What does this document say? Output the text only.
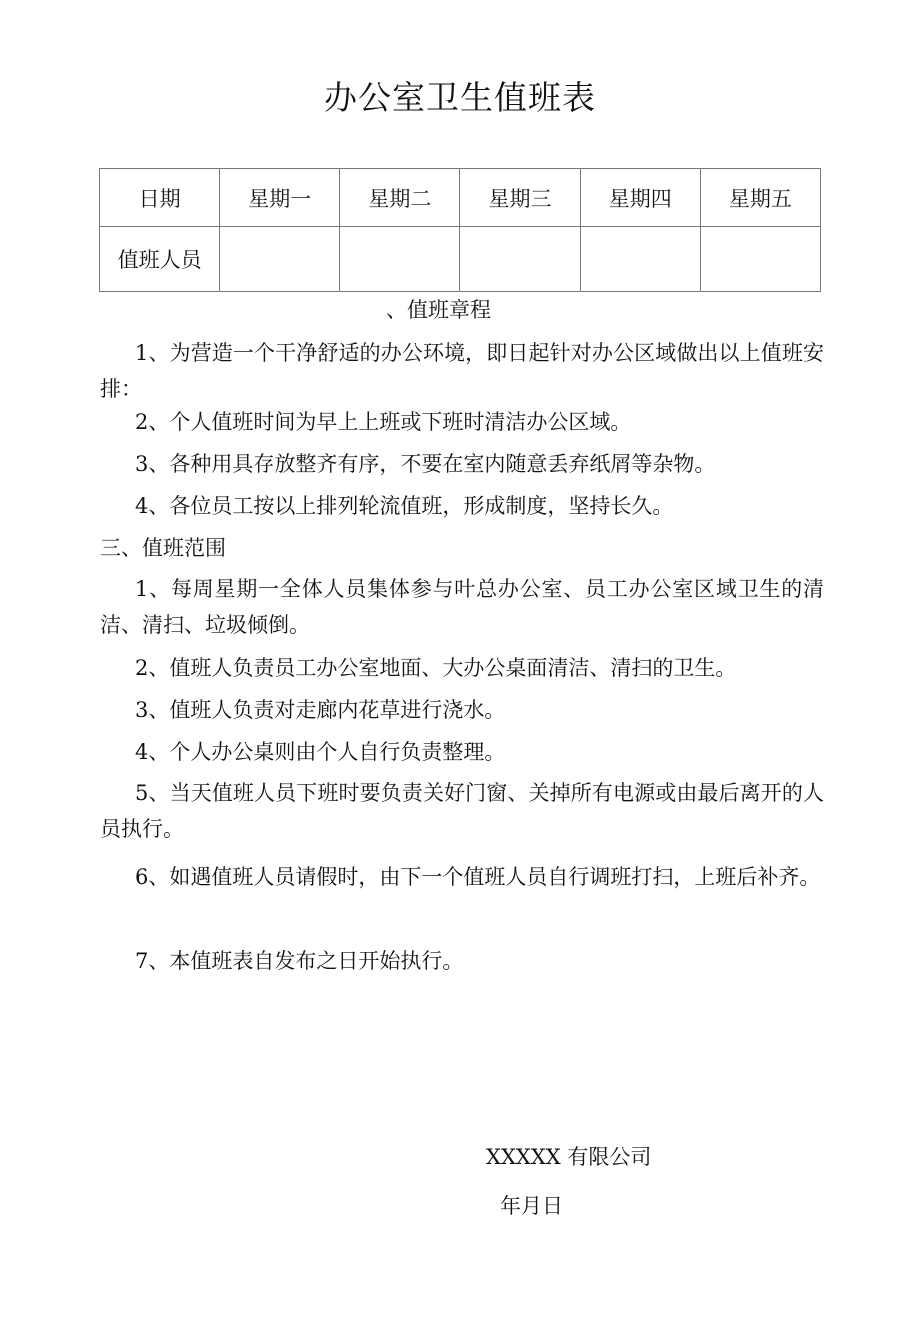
办公室卫生值班表
日期	星期一	星期二	星期三	星期四	星期五
值班人员					
、值班章程

1、为营造一个干净舒适的办公环境，即日起针对办公区域做出以上值班安排：

2、个人值班时间为早上上班或下班时清洁办公区域。

3、各种用具存放整齐有序，不要在室内随意丢弃纸屑等杂物。

4、各位员工按以上排列轮流值班，形成制度，坚持长久。

三、值班范围

1、每周星期一全体人员集体参与叶总办公室、员工办公室区域卫生的清洁、清扫、垃圾倾倒。

2、值班人负责员工办公室地面、大办公桌面清洁、清扫的卫生。

3、值班人负责对走廊内花草进行浇水。

4、个人办公桌则由个人自行负责整理。

5、当天值班人员下班时要负责关好门窗、关掉所有电源或由最后离开的人员执行。

6、如遇值班人员请假时，由下一个值班人员自行调班打扫，上班后补齐。

7、本值班表自发布之日开始执行。

XXXXX 有限公司
年月日
